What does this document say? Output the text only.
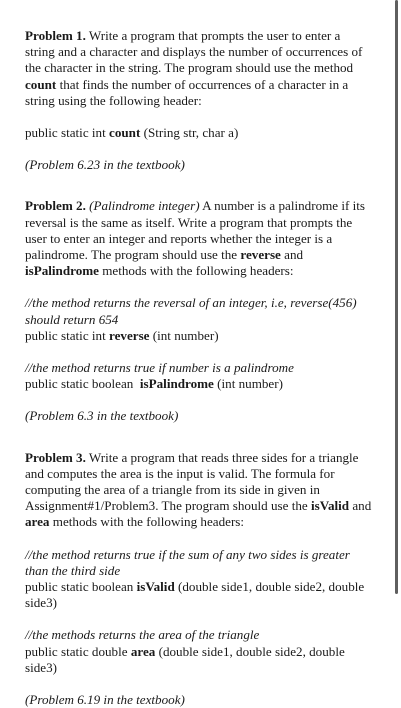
Problem 1. Write a program that prompts the user to enter a string and a character and displays the number of occurrences of the character in the string. The program should use the method count that finds the number of occurrences of a character in a string using the following header:

public static int count (String str, char a)

(Problem 6.23 in the textbook)

Problem 2. (Palindrome integer) A number is a palindrome if its reversal is the same as itself. Write a program that prompts the user to enter an integer and reports whether the integer is a palindrome. The program should use the reverse and isPalindrome methods with the following headers:

//the method returns the reversal of an integer, i.e, reverse(456) should return 654

public static int reverse (int number)

//the method returns true if number is a palindrome

public static boolean  isPalindrome (int number)

(Problem 6.3 in the textbook)

Problem 3. Write a program that reads three sides for a triangle and computes the area is the input is valid. The formula for computing the area of a triangle from its side in given in Assignment#1/Problem3. The program should use the isValid and area methods with the following headers:

//the method returns true if the sum of any two sides is greater than the third side

public static boolean isValid (double side1, double side2, double side3)

//the methods returns the area of the triangle

public static double area (double side1, double side2, double side3)

(Problem 6.19 in the textbook)
